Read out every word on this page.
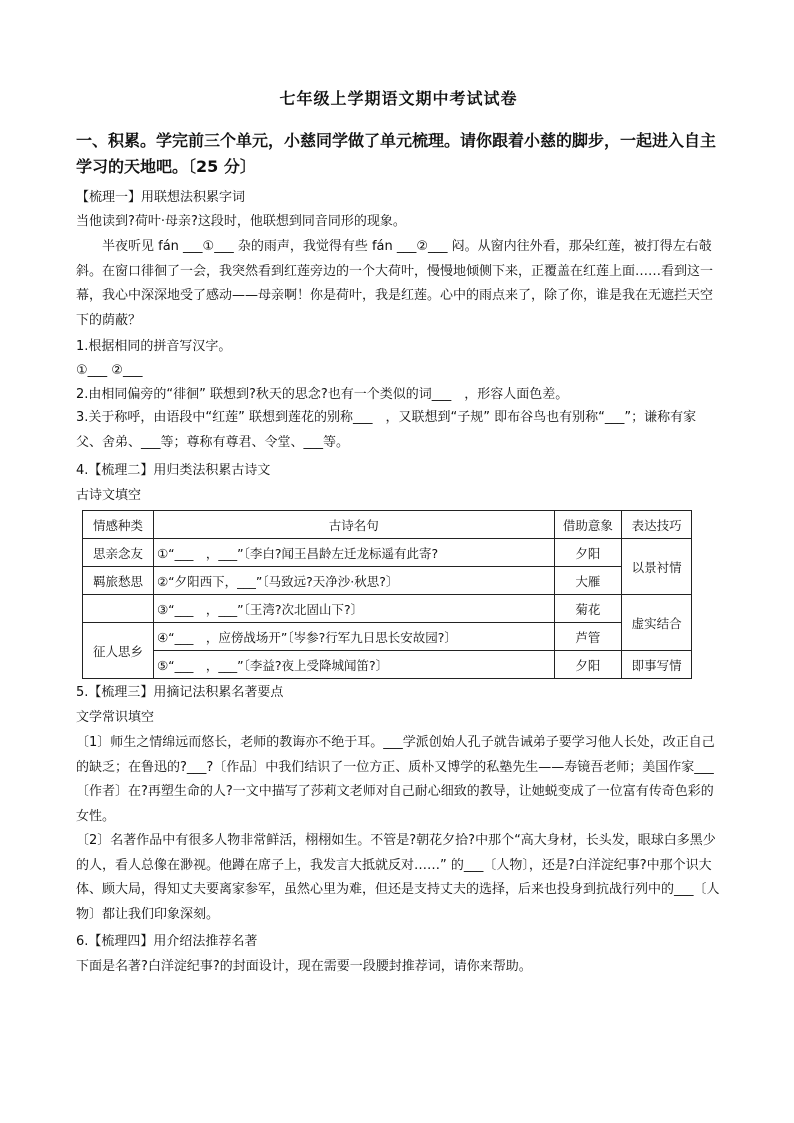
七年级上学期语文期中考试试卷
一、积累。学完前三个单元，小慈同学做了单元梳理。请你跟着小慈的脚步，一起进入自主学习的天地吧。〔25 分〕
【梳理一】用联想法积累字词
当他读到?荷叶·母亲?这段时，他联想到同音同形的现象。
半夜听见 fán ___①___ 杂的雨声，我觉得有些 fán ___②___ 闷。从窗内往外看，那朵红莲，被打得左右攲斜。在窗口徘徊了一会，我突然看到红莲旁边的一个大荷叶，慢慢地倾侧下来，正覆盖在红莲上面……看到这一幕，我心中深深地受了感动——母亲啊！你是荷叶，我是红莲。心中的雨点来了，除了你，谁是我在无遮拦天空下的荫蔽？
1.根据相同的拼音写汉字。
①___ ②___
2.由相同偏旁的“徘徊” 联想到?秋天的思念?也有一个类似的词___　，形容人面色差。
3.关于称呼，由语段中“红莲” 联想到莲花的别称___　，又联想到“子规” 即布谷鸟也有别称“___”；谦称有家父、舍弟、___等；尊称有尊君、令堂、___等。
4.【梳理二】用归类法积累古诗文
古诗文填空
情感种类	古诗名句	借助意象	表达技巧
思亲念友	①“___　，___”〔李白?闻王昌龄左迁龙标遥有此寄?	夕阳	以景衬情
羁旅愁思	②“夕阳西下，___”〔马致远?天净沙·秋思?〕	大雁	
	③“___　，___”〔王湾?次北固山下?〕	菊花	虚实结合
征人思乡	④“___　，应傍战场开”〔岑参?行军九日思长安故园?〕	芦管	
	⑤“___　，___”〔李益?夜上受降城闻笛?〕	夕阳	即事写情
5.【梳理三】用摘记法积累名著要点
文学常识填空
〔1〕师生之情绵远而悠长，老师的教诲亦不绝于耳。___学派创始人孔子就告诫弟子要学习他人长处，改正自己的缺乏；在鲁迅的?___?〔作品〕中我们结识了一位方正、质朴又博学的私塾先生——寿镜吾老师；美国作家___〔作者〕在?再塑生命的人?一文中描写了莎莉文老师对自己耐心细致的教导，让她蜕变成了一位富有传奇色彩的女性。
〔2〕名著作品中有很多人物非常鲜活，栩栩如生。不管是?朝花夕拾?中那个“高大身材，长头发，眼球白多黑少的人，看人总像在渺视。他蹲在席子上，我发言大抵就反对……” 的___〔人物〕，还是?白洋淀纪事?中那个识大体、顾大局，得知丈夫要离家参军，虽然心里为难，但还是支持丈夫的选择，后来也投身到抗战行列中的___〔人物〕都让我们印象深刻。
6.【梳理四】用介绍法推荐名著
下面是名著?白洋淀纪事?的封面设计，现在需要一段腰封推荐词，请你来帮助。
